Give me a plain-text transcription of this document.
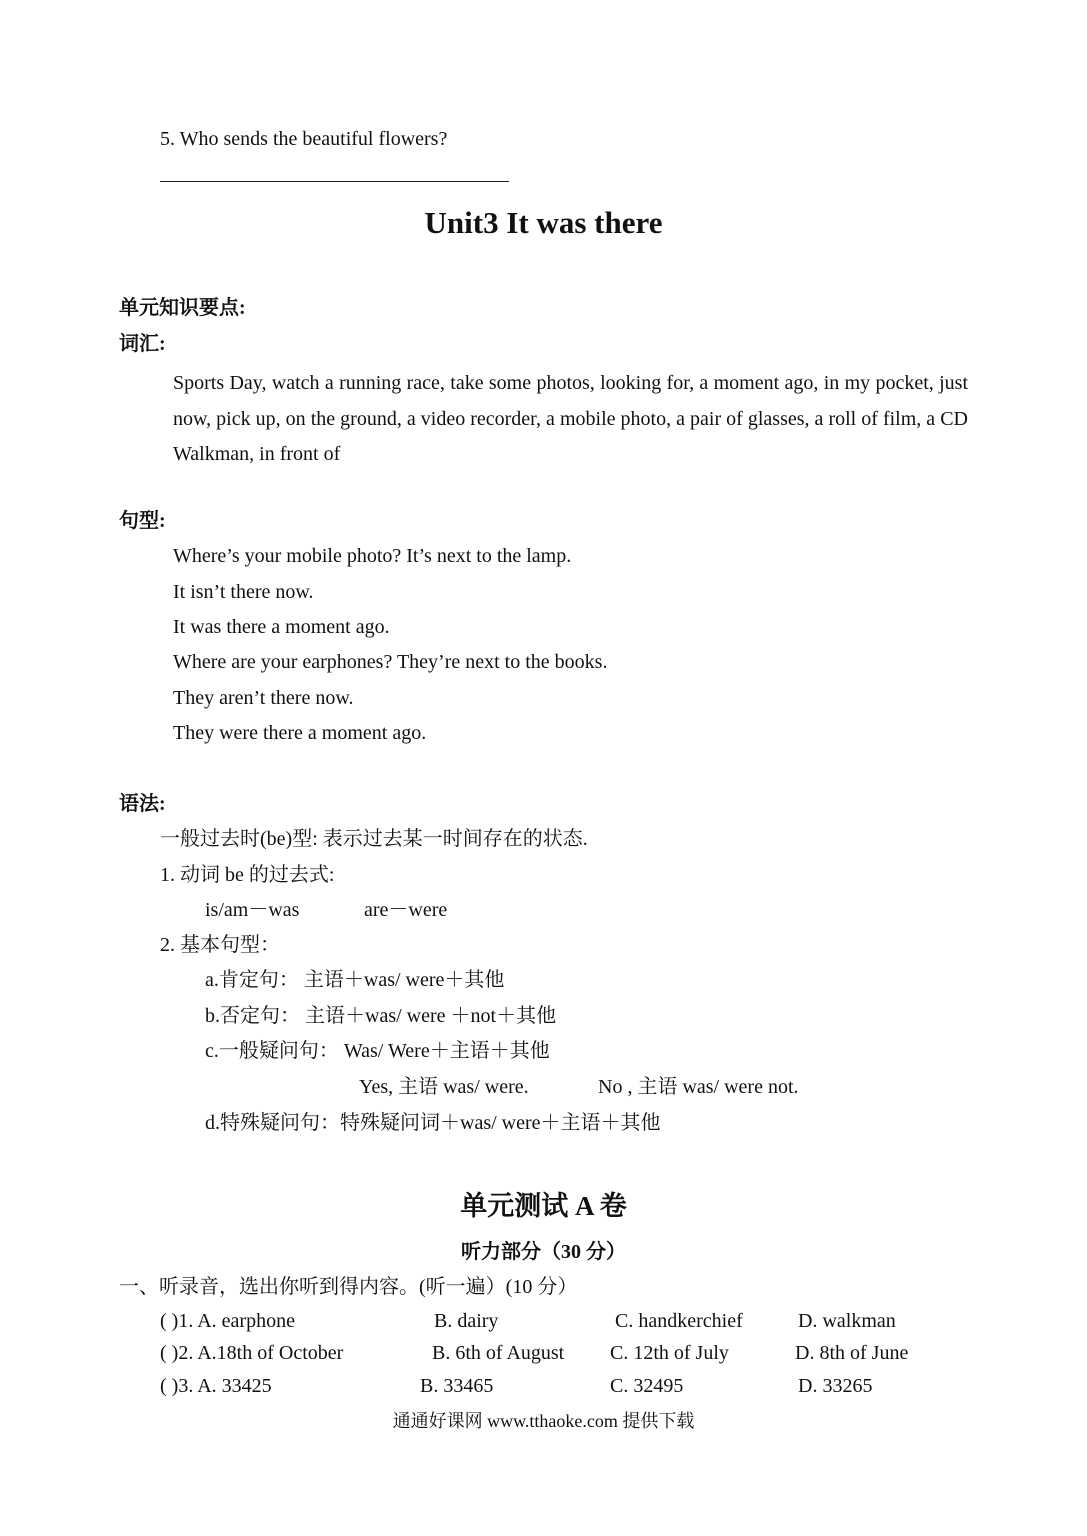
5. Who sends the beautiful flowers?
Unit3 It was there
单元知识要点:
词汇:
Sports Day, watch a running race, take some photos, looking for, a moment ago, in my pocket, just now, pick up, on the ground, a video recorder, a mobile photo, a pair of glasses, a roll of film, a CD Walkman, in front of
句型:
Where’s your mobile photo? It’s next to the lamp.
It isn’t there now.
It was there a moment ago.
Where are your earphones? They’re next to the books.
They aren’t there now.
They were there a moment ago.
语法:
一般过去时(be)型: 表示过去某一时间存在的状态.
1. 动词 be 的过去式:
is/am－was	are－were
2. 基本句型：
a.肯定句： 主语＋was/ were＋其他
b.否定句： 主语＋was/ were ＋not＋其他
c.一般疑问句： Was/ Were＋主语＋其他
Yes, 主语 was/ were.	No , 主语 was/ were not.
d.特殊疑问句：特殊疑问词＋was/ were＋主语＋其他
单元测试 A 卷
听力部分（30 分）
一、听录音，选出你听到得内容。(听一遍）(10 分）
( )1. A. earphone	B. dairy	C. handkerchief	D. walkman
( )2. A.18th of October	B. 6th of August C. 12th of July	D. 8th of June
( )3. A. 33425	B. 33465	C. 32495	D. 33265
通通好课网 www.tthaoke.com 提供下载
